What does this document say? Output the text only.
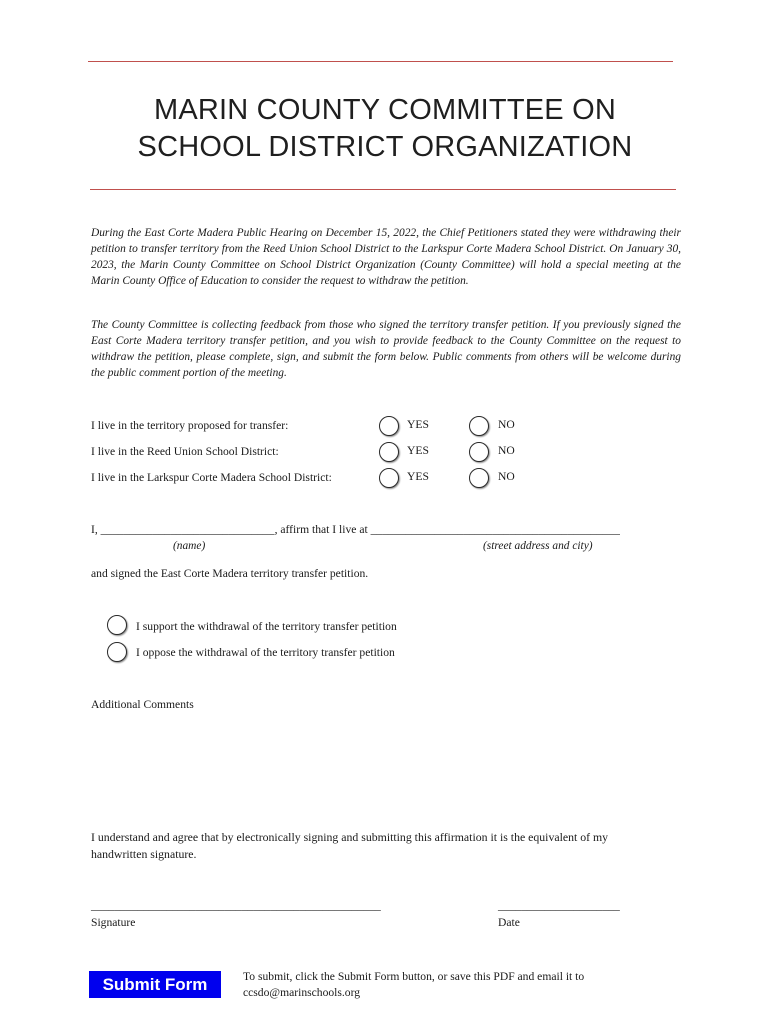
MARIN COUNTY COMMITTEE ON
SCHOOL DISTRICT ORGANIZATION

During the East Corte Madera Public Hearing on December 15, 2022, the Chief Petitioners stated they were withdrawing their petition to transfer territory from the Reed Union School District to the Larkspur Corte Madera School District. On January 30, 2023, the Marin County Committee on School District Organization (County Committee) will hold a special meeting at the Marin County Office of Education to consider the request to withdraw the petition.

The County Committee is collecting feedback from those who signed the territory transfer petition. If you previously signed the East Corte Madera territory transfer petition, and you wish to provide feedback to the County Committee on the request to withdraw the petition, please complete, sign, and submit the form below. Public comments from others will be welcome during the public comment portion of the meeting.

I live in the territory proposed for transfer:	YES	NO
I live in the Reed Union School District:	YES	NO
I live in the Larkspur Corte Madera School District:	YES	NO
I, ______________________________, affirm that I live at ___________________________________________
(name)	(street address and city)
and signed the East Corte Madera territory transfer petition.
I support the withdrawal of the territory transfer petition
I oppose the withdrawal of the territory transfer petition
Additional Comments

I understand and agree that by electronically signing and submitting this affirmation it is the equivalent of my handwritten signature.

__________________________________________________
Signature
_____________________
Date
Submit Form	To submit, click the Submit Form button, or save this PDF and email it to ccsdo@marinschools.org
